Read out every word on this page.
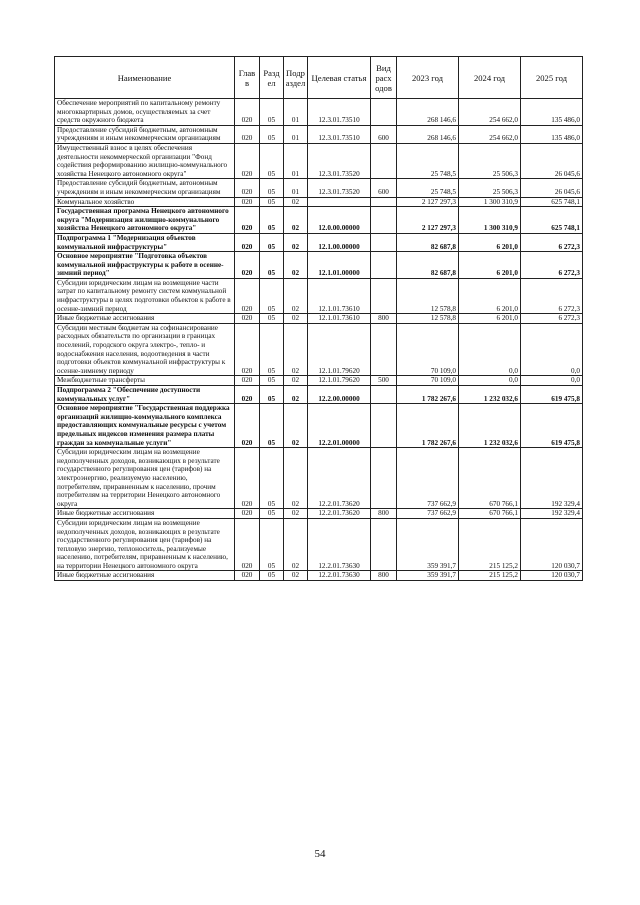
Наименование	Глав в	Разд ел	Подр аздел	Целевая статья	Вид расх одов	2023 год	2024 год	2025 год
Обеспечение мероприятий по капитальному ремонту многоквартирных домов, осуществляемых за счет средств окружного бюджета	020	05	01	12.3.01.73510		268 146,6	254 662,0	135 486,0
Предоставление субсидий бюджетным, автономным учреждениям и иным некоммерческим организациям	020	05	01	12.3.01.73510	600	268 146,6	254 662,0	135 486,0
Имущественный взнос в целях обеспечения деятельности некоммерческой организации "Фонд содействия реформированию жилищно-коммунального хозяйства Ненецкого автономного округа"	020	05	01	12.3.01.73520		25 748,5	25 506,3	26 045,6
Предоставление субсидий бюджетным, автономным учреждениям и иным некоммерческим организациям	020	05	01	12.3.01.73520	600	25 748,5	25 506,3	26 045,6
Коммунальное хозяйство	020	05	02			2 127 297,3	1 300 310,9	625 748,1
Государственная программа Ненецкого автономного округа "Модернизация жилищно-коммунального хозяйства Ненецкого автономного округа"	020	05	02	12.0.00.00000		2 127 297,3	1 300 310,9	625 748,1
Подпрограмма 1 "Модернизация объектов коммунальной инфраструктуры"	020	05	02	12.1.00.00000		82 687,8	6 201,0	6 272,3
Основное мероприятие "Подготовка объектов коммунальной инфраструктуры к работе в осенне-зимний период"	020	05	02	12.1.01.00000		82 687,8	6 201,0	6 272,3
Субсидии юридическим лицам на возмещение части затрат по капитальному ремонту систем коммунальной инфраструктуры в целях подготовки объектов к работе в осенне-зимний период	020	05	02	12.1.01.73610		12 578,8	6 201,0	6 272,3
Иные бюджетные ассигнования	020	05	02	12.1.01.73610	800	12 578,8	6 201,0	6 272,3
Субсидии местным бюджетам на софинансирование расходных обязательств по организации в границах поселений, городского округа электро-, тепло- и водоснабжения населения, водоотведения в части подготовки объектов коммунальной инфраструктуры к осенне-зимнему периоду	020	05	02	12.1.01.79620		70 109,0	0,0	0,0
Межбюджетные трансферты	020	05	02	12.1.01.79620	500	70 109,0	0,0	0,0
Подпрограмма 2 "Обеспечение доступности коммунальных услуг"	020	05	02	12.2.00.00000		1 782 267,6	1 232 032,6	619 475,8
Основное мероприятие "Государственная поддержка организаций жилищно-коммунального комплекса предоставляющих коммунальные ресурсы с учетом предельных индексов изменения размера платы граждан за коммунальные услуги"	020	05	02	12.2.01.00000		1 782 267,6	1 232 032,6	619 475,8
Субсидии юридическим лицам на возмещение недополученных доходов, возникающих в результате государственного регулирования цен (тарифов) на электроэнергию, реализуемую населению, потребителям, приравненным к населению, прочим потребителям на территории Ненецкого автономного округа	020	05	02	12.2.01.73620		737 662,9	670 766,1	192 329,4
Иные бюджетные ассигнования	020	05	02	12.2.01.73620	800	737 662,9	670 766,1	192 329,4
Субсидии юридическим лицам на возмещение недополученных доходов, возникающих в результате государственного регулирования цен (тарифов) на тепловую энергию, теплоноситель, реализуемые населению, потребителям, приравненным к населению, на территории Ненецкого автономного округа	020	05	02	12.2.01.73630		359 391,7	215 125,2	120 030,7
Иные бюджетные ассигнования	020	05	02	12.2.01.73630	800	359 391,7	215 125,2	120 030,7
54
